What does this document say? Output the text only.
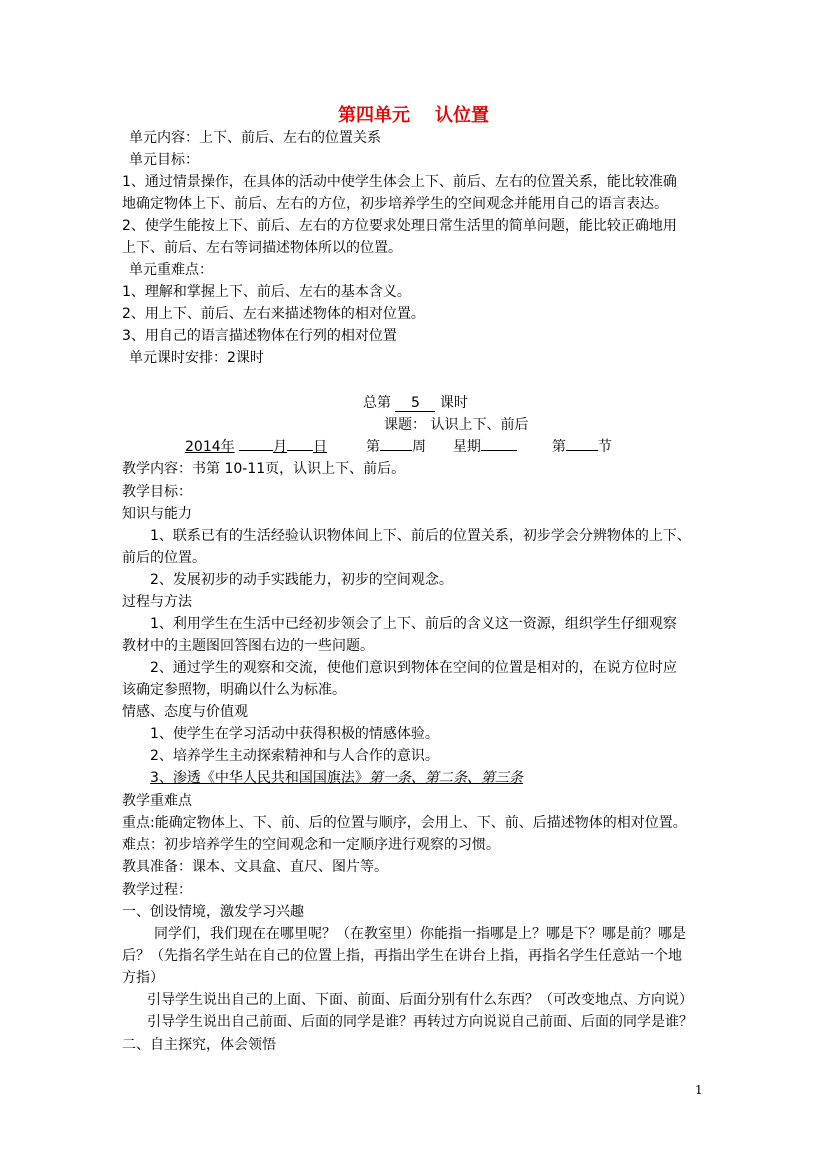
第四单元    认位置
单元内容：上下、前后、左右的位置关系
单元目标：
1、通过情景操作，在具体的活动中使学生体会上下、前后、左右的位置关系，能比较准确
地确定物体上下、前后、左右的方位，初步培养学生的空间观念并能用自己的语言表达。
2、使学生能按上下、前后、左右的方位要求处理日常生活里的简单问题，能比较正确地用
上下、前后、左右等词描述物体所以的位置。
单元重难点：
1、理解和掌握上下、前后、左右的基本含义。
2、用上下、前后、左右来描述物体的相对位置。
3、用自己的语言描述物体在行列的相对位置
单元课时安排：2课时
总第 5 课时
课题： 认识上下、前后
2014年	月 日	第 周 星期	第 节
教学内容：书第 10-11页，认识上下、前后。
教学目标：
知识与能力
1、联系已有的生活经验认识物体间上下、前后的位置关系，初步学会分辨物体的上下、
前后的位置。
2、发展初步的动手实践能力，初步的空间观念。
过程与方法
1、利用学生在生活中已经初步领会了上下、前后的含义这一资源，组织学生仔细观察
教材中的主题图回答图右边的一些问题。
2、通过学生的观察和交流，使他们意识到物体在空间的位置是相对的，在说方位时应
该确定参照物，明确以什么为标准。
情感、态度与价值观
1、使学生在学习活动中获得积极的情感体验。
2、培养学生主动探索精神和与人合作的意识。
3、渗透《中华人民共和国国旗法》第一条、第二条、第三条
教学重难点
重点:能确定物体上、下、前、后的位置与顺序，会用上、下、前、后描述物体的相对位置。
难点：初步培养学生的空间观念和一定顺序进行观察的习惯。
教具准备：课本、文具盒、直尺、图片等。
教学过程：
一、创设情境，激发学习兴趣
同学们，我们现在在哪里呢？（在教室里）你能指一指哪是上？哪是下？哪是前？哪是
后？（先指名学生站在自己的位置上指，再指出学生在讲台上指，再指名学生任意站一个地
方指）
引导学生说出自己的上面、下面、前面、后面分别有什么东西？（可改变地点、方向说）
引导学生说出自己前面、后面的同学是谁？再转过方向说说自己前面、后面的同学是谁？
二、自主探究，体会领悟
1
